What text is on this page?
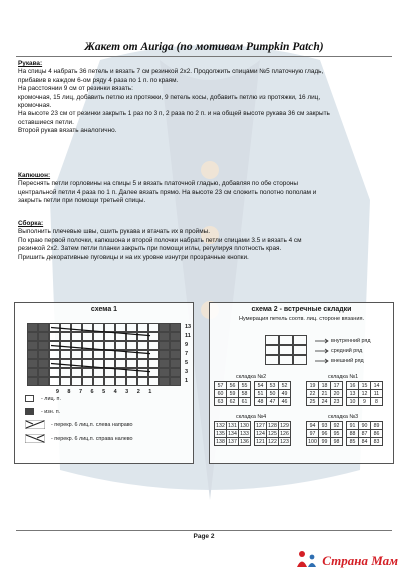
Жакет от Auriga (по мотивам Pumpkin Patch)

Рукава:

На спицы 4 набрать 36 петель и вязать 7 см резинкой 2х2. Продолжить спицами №5 платочную гладь,

прибавив в каждом 6-ом ряду 4 раза по 1 п. по краям.

На расстоянии 9 см от резинки вязать:

кромочная, 15 лиц, добавить петлю из протяжки, 9 петель косы, добавить петлю из протяжки, 16 лиц,

кромочная.

На высоте 23 см от резинки закрыть 1 раз по 3 п, 2 раза по 2 п. и на общей высоте рукава 36 см закрыть

оставшиеся петли.

Второй рукав вязать аналогично.

Капюшон:

Переснять петли горловины на спицы 5 и вязать платочной гладью, добавляя по обе стороны

центральной петли 4 раза по 1 п. Далее вязать прямо. На высоте 23 см сложить полотно пополам и

закрыть петли при помощи третьей спицы.

Сборка:

Выполнить плечевые швы, сшить рукава и втачать их в проймы.

По краю первой полочки, капюшона и второй полочки набрать петли спицами 3.5 и вязать 4 см

резинкой 2х2. Затем петли планки закрыть при помощи иглы, регулируя плотность края.

Пришить декоративные пуговицы и на их уровне изнутри прозрачные кнопки.

схема 1
13
11
9
7
5
3
1
9 8 7 6 5 4 3 2 1
- лиц. п.
- изн. п.
- перекр. 6 лиц.п. слева направо
- перекр. 6 лиц.п. справа налево
схема 2 - встречные складки
Нумерация петель соотв. лиц. стороне вязания.
внутренний ряд
средний ряд
внешний ряд
складка №2
57	56	55
60	59	58
63	62	61
54	53	52
51	50	49
48	47	46
складка №1
19	18	17
22	21	20
25	24	23
16	15	14
13	12	11
10	9	8
складка №4
132	131	130
135	134	133
138	137	136
127	128	129
124	125	126
121	122	123
складка №3
94	93	92
97	96	95
100	99	98
91	90	89
88	87	86
85	84	83
Page 2
Страна Мам
